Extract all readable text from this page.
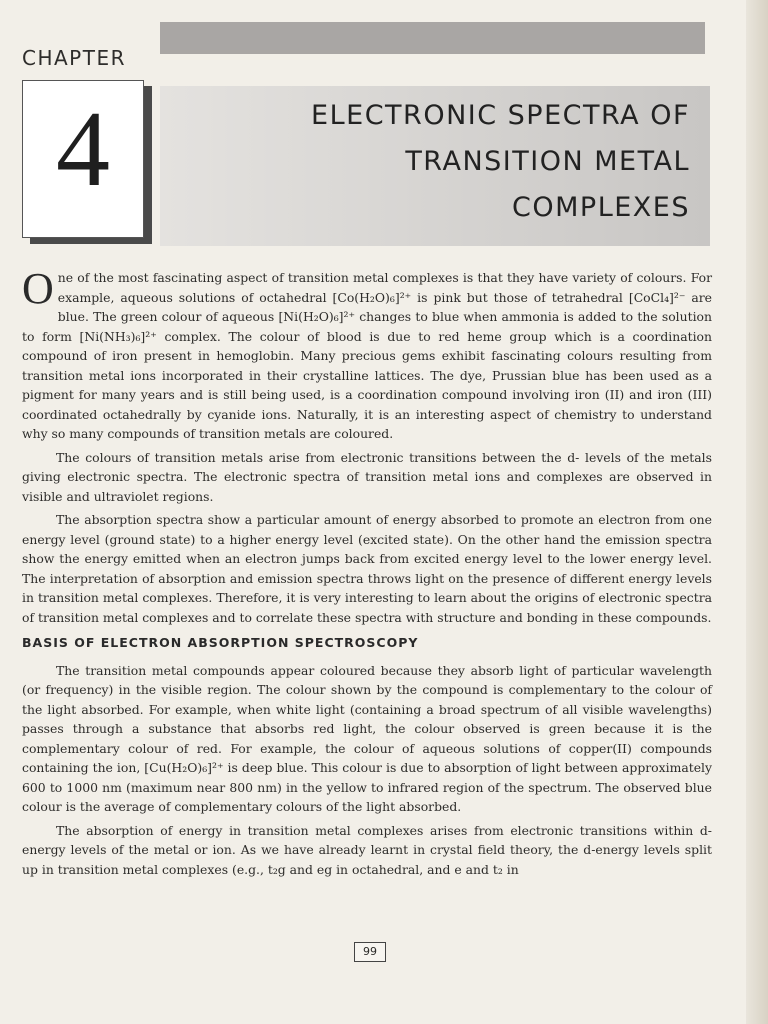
CHAPTER
4	ELECTRONIC SPECTRA OF
TRANSITION METAL
COMPLEXES

One of the most fascinating aspect of transition metal complexes is that they have variety of colours. For example, aqueous solutions of octahedral [Co(H₂O)₆]²⁺ is pink but those of tetrahedral [CoCl₄]²⁻ are blue. The green colour of aqueous [Ni(H₂O)₆]²⁺ changes to blue when ammonia is added to the solution to form [Ni(NH₃)₆]²⁺ complex. The colour of blood is due to red heme group which is a coordination compound of iron present in hemoglobin. Many precious gems exhibit fascinating colours resulting from transition metal ions incorporated in their crystalline lattices. The dye, Prussian blue has been used as a pigment for many years and is still being used, is a coordination compound involving iron (II) and iron (III) coordinated octahedrally by cyanide ions. Naturally, it is an interesting aspect of chemistry to understand why so many compounds of transition metals are coloured.

The colours of transition metals arise from electronic transitions between the d- levels of the metals giving electronic spectra. The electronic spectra of transition metal ions and complexes are observed in visible and ultraviolet regions.

The absorption spectra show a particular amount of energy absorbed to promote an electron from one energy level (ground state) to a higher energy level (excited state). On the other hand the emission spectra show the energy emitted when an electron jumps back from excited energy level to the lower energy level. The interpretation of absorption and emission spectra throws light on the presence of different energy levels in transition metal complexes. Therefore, it is very interesting to learn about the origins of electronic spectra of transition metal complexes and to correlate these spectra with structure and bonding in these compounds.

BASIS OF ELECTRON ABSORPTION SPECTROSCOPY

The transition metal compounds appear coloured because they absorb light of particular wavelength (or frequency) in the visible region. The colour shown by the compound is complementary to the colour of the light absorbed. For example, when white light (containing a broad spectrum of all visible wavelengths) passes through a substance that absorbs red light, the colour observed is green because it is the complementary colour of red. For example, the colour of aqueous solutions of copper(II) compounds containing the ion, [Cu(H₂O)₆]²⁺ is deep blue. This colour is due to absorption of light between approximately 600 to 1000 nm (maximum near 800 nm) in the yellow to infrared region of the spectrum. The observed blue colour is the average of complementary colours of the light absorbed.

The absorption of energy in transition metal complexes arises from electronic transitions within d-energy levels of the metal or ion. As we have already learnt in crystal field theory, the d-energy levels split up in transition metal complexes (e.g., t₂g and eg in octahedral, and e and t₂ in

99
